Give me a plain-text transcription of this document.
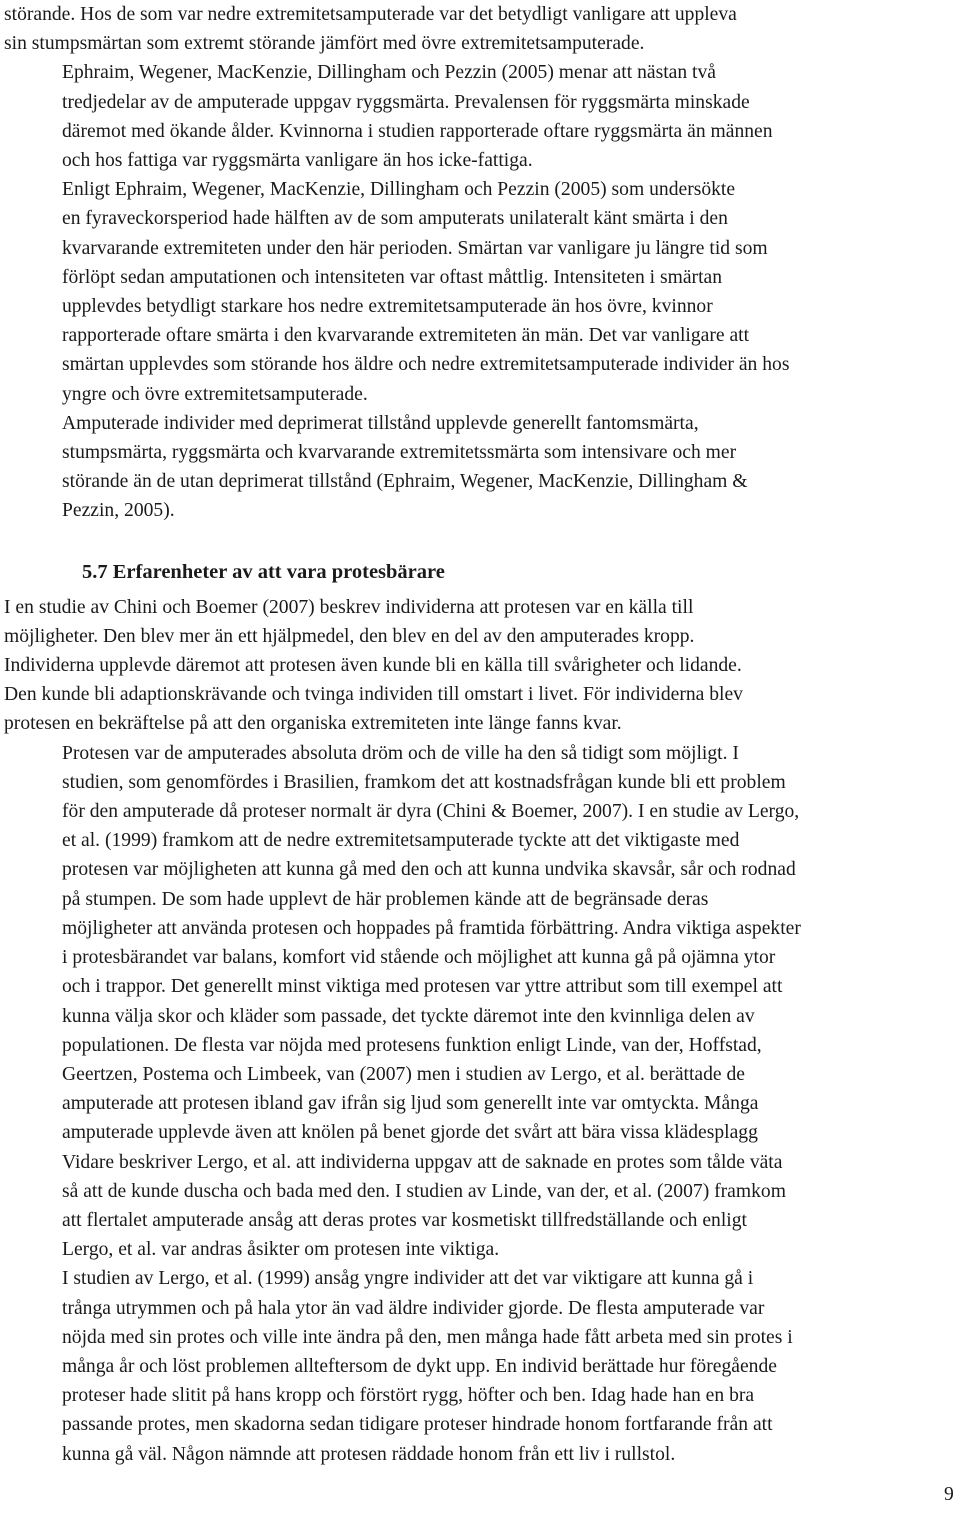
störande. Hos de som var nedre extremitetsamputerade var det betydligt vanligare att uppleva
sin stumpsmärtan som extremt störande jämfört med övre extremitetsamputerade.
Ephraim, Wegener, MacKenzie, Dillingham och Pezzin (2005) menar att nästan två
tredjedelar av de amputerade uppgav ryggsmärta. Prevalensen för ryggsmärta minskade
däremot med ökande ålder. Kvinnorna i studien rapporterade oftare ryggsmärta än männen
och hos fattiga var ryggsmärta vanligare än hos icke-fattiga.
Enligt Ephraim, Wegener, MacKenzie, Dillingham och Pezzin (2005) som undersökte
en fyraveckorsperiod hade hälften av de som amputerats unilateralt känt smärta i den
kvarvarande extremiteten under den här perioden. Smärtan var vanligare ju längre tid som
förlöpt sedan amputationen och intensiteten var oftast måttlig. Intensiteten i smärtan
upplevdes betydligt starkare hos nedre extremitetsamputerade än hos övre, kvinnor
rapporterade oftare smärta i den kvarvarande extremiteten än män. Det var vanligare att
smärtan upplevdes som störande hos äldre och nedre extremitetsamputerade individer än hos
yngre och övre extremitetsamputerade.
Amputerade individer med deprimerat tillstånd upplevde generellt fantomsmärta,
stumpsmärta, ryggsmärta och kvarvarande extremitetssmärta som intensivare och mer
störande än de utan deprimerat tillstånd (Ephraim, Wegener, MacKenzie, Dillingham &
Pezzin, 2005).
5.7 Erfarenheter av att vara protesbärare
I en studie av Chini och Boemer (2007) beskrev individerna att protesen var en källa till
möjligheter. Den blev mer än ett hjälpmedel, den blev en del av den amputerades kropp.
Individerna upplevde däremot att protesen även kunde bli en källa till svårigheter och lidande.
Den kunde bli adaptionskrävande och tvinga individen till omstart i livet. För individerna blev
protesen en bekräftelse på att den organiska extremiteten inte länge fanns kvar.
Protesen var de amputerades absoluta dröm och de ville ha den så tidigt som möjligt. I
studien, som genomfördes i Brasilien, framkom det att kostnadsfrågan kunde bli ett problem
för den amputerade då proteser normalt är dyra (Chini & Boemer, 2007). I en studie av Lergo,
et al. (1999) framkom att de nedre extremitetsamputerade tyckte att det viktigaste med
protesen var möjligheten att kunna gå med den och att kunna undvika skavsår, sår och rodnad
på stumpen. De som hade upplevt de här problemen kände att de begränsade deras
möjligheter att använda protesen och hoppades på framtida förbättring. Andra viktiga aspekter
i protesbärandet var balans, komfort vid stående och möjlighet att kunna gå på ojämna ytor
och i trappor. Det generellt minst viktiga med protesen var yttre attribut som till exempel att
kunna välja skor och kläder som passade, det tyckte däremot inte den kvinnliga delen av
populationen. De flesta var nöjda med protesens funktion enligt Linde, van der, Hoffstad,
Geertzen, Postema och Limbeek, van (2007) men i studien av Lergo, et al. berättade de
amputerade att protesen ibland gav ifrån sig ljud som generellt inte var omtyckta. Många
amputerade upplevde även att knölen på benet gjorde det svårt att bära vissa klädesplagg
Vidare beskriver Lergo, et al. att individerna uppgav att de saknade en protes som tålde väta
så att de kunde duscha och bada med den. I studien av Linde, van der, et al. (2007) framkom
att flertalet amputerade ansåg att deras protes var kosmetiskt tillfredställande och enligt
Lergo, et al. var andras åsikter om protesen inte viktiga.
I studien av Lergo, et al. (1999) ansåg yngre individer att det var viktigare att kunna gå i
trånga utrymmen och på hala ytor än vad äldre individer gjorde. De flesta amputerade var
nöjda med sin protes och ville inte ändra på den, men många hade fått arbeta med sin protes i
många år och löst problemen allteftersom de dykt upp. En individ berättade hur föregående
proteser hade slitit på hans kropp och förstört rygg, höfter och ben. Idag hade han en bra
passande protes, men skadorna sedan tidigare proteser hindrade honom fortfarande från att
kunna gå väl. Någon nämnde att protesen räddade honom från ett liv i rullstol.
9
